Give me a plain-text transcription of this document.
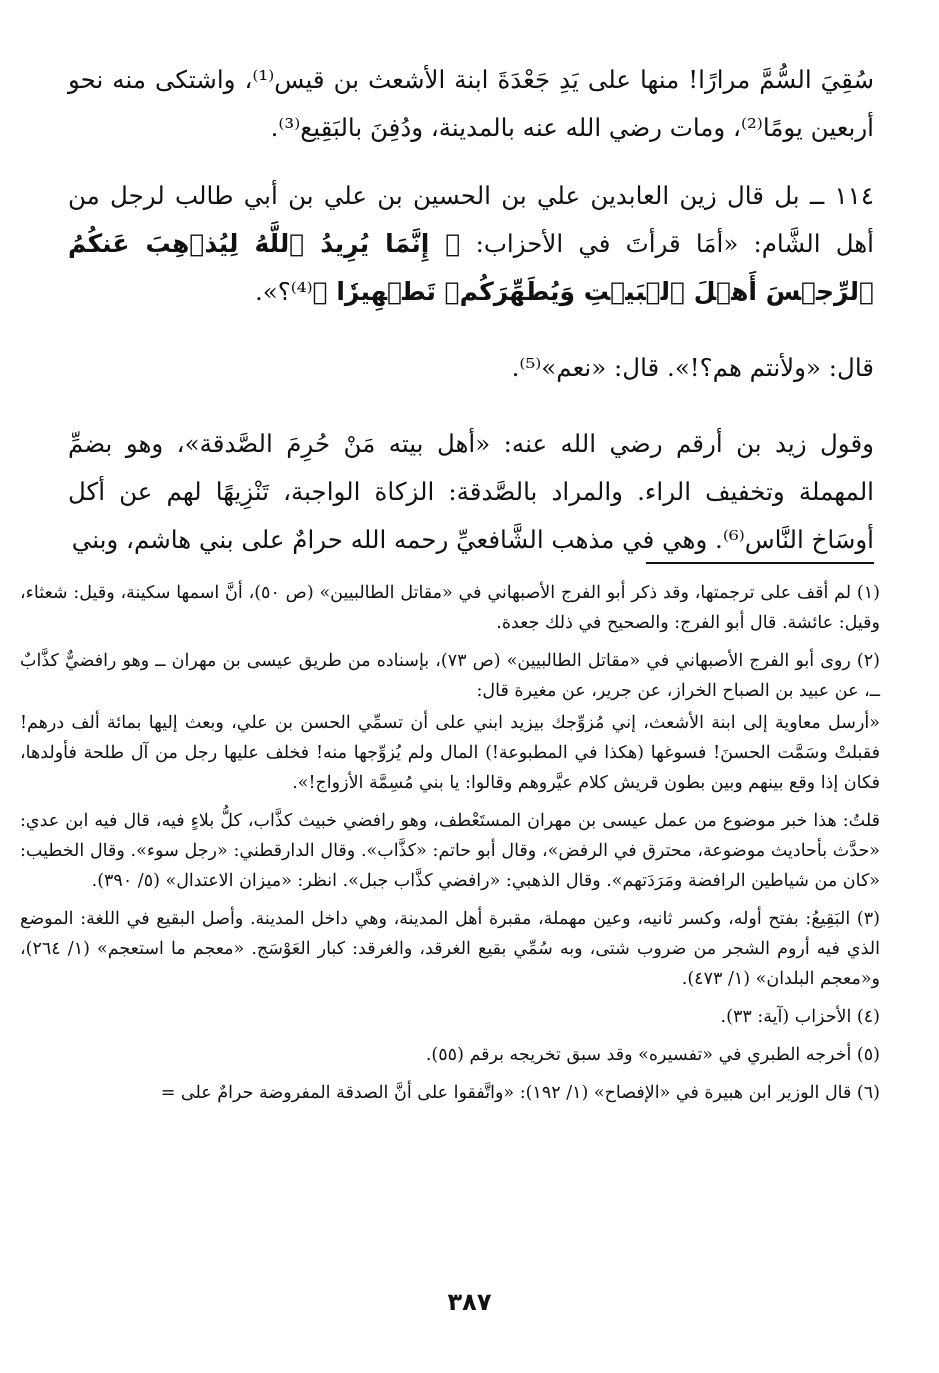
سُقِيَ السُّمَّ مرارًا! منها على يَدِ جَعْدَةَ ابنة الأشعث بن قيس⁽¹⁾، واشتكى منه نحو أربعين يومًا⁽²⁾، ومات رضي الله عنه بالمدينة، ودُفِنَ بالبَقِيع⁽³⁾.

١١٤ ــ بل قال زين العابدين علي بن الحسين بن علي بن أبي طالب لرجل من أهل الشَّام: «أمَا قرأتَ في الأحزاب: ﴿ إِنَّمَا يُرِيدُ ٱللَّهُ لِيُذۡهِبَ عَنكُمُ ٱلرِّجۡسَ أَهۡلَ ٱلۡبَيۡتِ وَيُطَهِّرَكُمۡ تَطۡهِيرٗا ﴾⁽⁴⁾؟».

قال: «ولأنتم هم؟!». قال: «نعم»⁽⁵⁾.

وقول زيد بن أرقم رضي الله عنه: «أهل بيته مَنْ حُرِمَ الصَّدقة»، وهو بضمِّ المهملة وتخفيف الراء. والمراد بالصَّدقة: الزكاة الواجبة، تَنْزِيهًا لهم عن أكل أوسَاخ النَّاس⁽⁶⁾. وهي في مذهب الشَّافعيِّ رحمه الله حرامٌ على بني هاشم، وبني

(١) لم أقف على ترجمتها، وقد ذكر أبو الفرج الأصبهاني في «مقاتل الطالبيين» (ص ٥٠)، أنَّ اسمها سكينة، وقيل: شعثاء، وقيل: عائشة. قال أبو الفرج: والصحيح في ذلك جعدة.

(٢) روى أبو الفرج الأصبهاني في «مقاتل الطالبيين» (ص ٧٣)، بإسناده من طريق عيسى بن مهران ــ وهو رافضيٌّ كذَّابٌ ــ، عن عبيد بن الصباح الخراز، عن جرير، عن مغيرة قال:

«أرسل معاوية إلى ابنة الأشعث، إني مُزوِّجك بيزيد ابني على أن تسمِّي الحسن بن علي، وبعث إليها بمائة ألف درهم! فقبلتْ وسَمَّت الحسنَ! فسوغها (هكذا في المطبوعة!) المال ولم يُزوِّجها منه! فخلف عليها رجل من آل طلحة فأولدها، فكان إذا وقع بينهم وبين بطون قريش كلام عيَّروهم وقالوا: يا بني مُسِمَّة الأزواج!».

قلتُ: هذا خبر موضوع من عمل عيسى بن مهران المستَعْطف، وهو رافضي خبيث كذَّاب، كلُّ بلاءٍ فيه، قال فيه ابن عدي: «حدَّث بأحاديث موضوعة، محترق في الرفض»، وقال أبو حاتم: «كذَّاب». وقال الدارقطني: «رجل سوء». وقال الخطيب: «كان من شياطين الرافضة ومَرَدَتهم». وقال الذهبي: «رافضي كذَّاب جبل». انظر: «ميزان الاعتدال» (٥/ ٣٩٠).

(٣) البَقِيعُ: بفتح أوله، وكسر ثانيه، وعين مهملة، مقبرة أهل المدينة، وهي داخل المدينة. وأصل البقيع في اللغة: الموضع الذي فيه أروم الشجر من ضروب شتى، وبه سُمِّي بقيع الغرقد، والغرقد: كبار العَوْسَج. «معجم ما استعجم» (١/ ٢٦٤)، و«معجم البلدان» (١/ ٤٧٣).

(٤) الأحزاب (آية: ٣٣).

(٥) أخرجه الطبري في «تفسيره» وقد سبق تخريجه برقم (٥٥).

(٦) قال الوزير ابن هبيرة في «الإفصاح» (١/ ١٩٢): «واتَّفقوا على أنَّ الصدقة المفروضة حرامٌ على =

٣٨٧
